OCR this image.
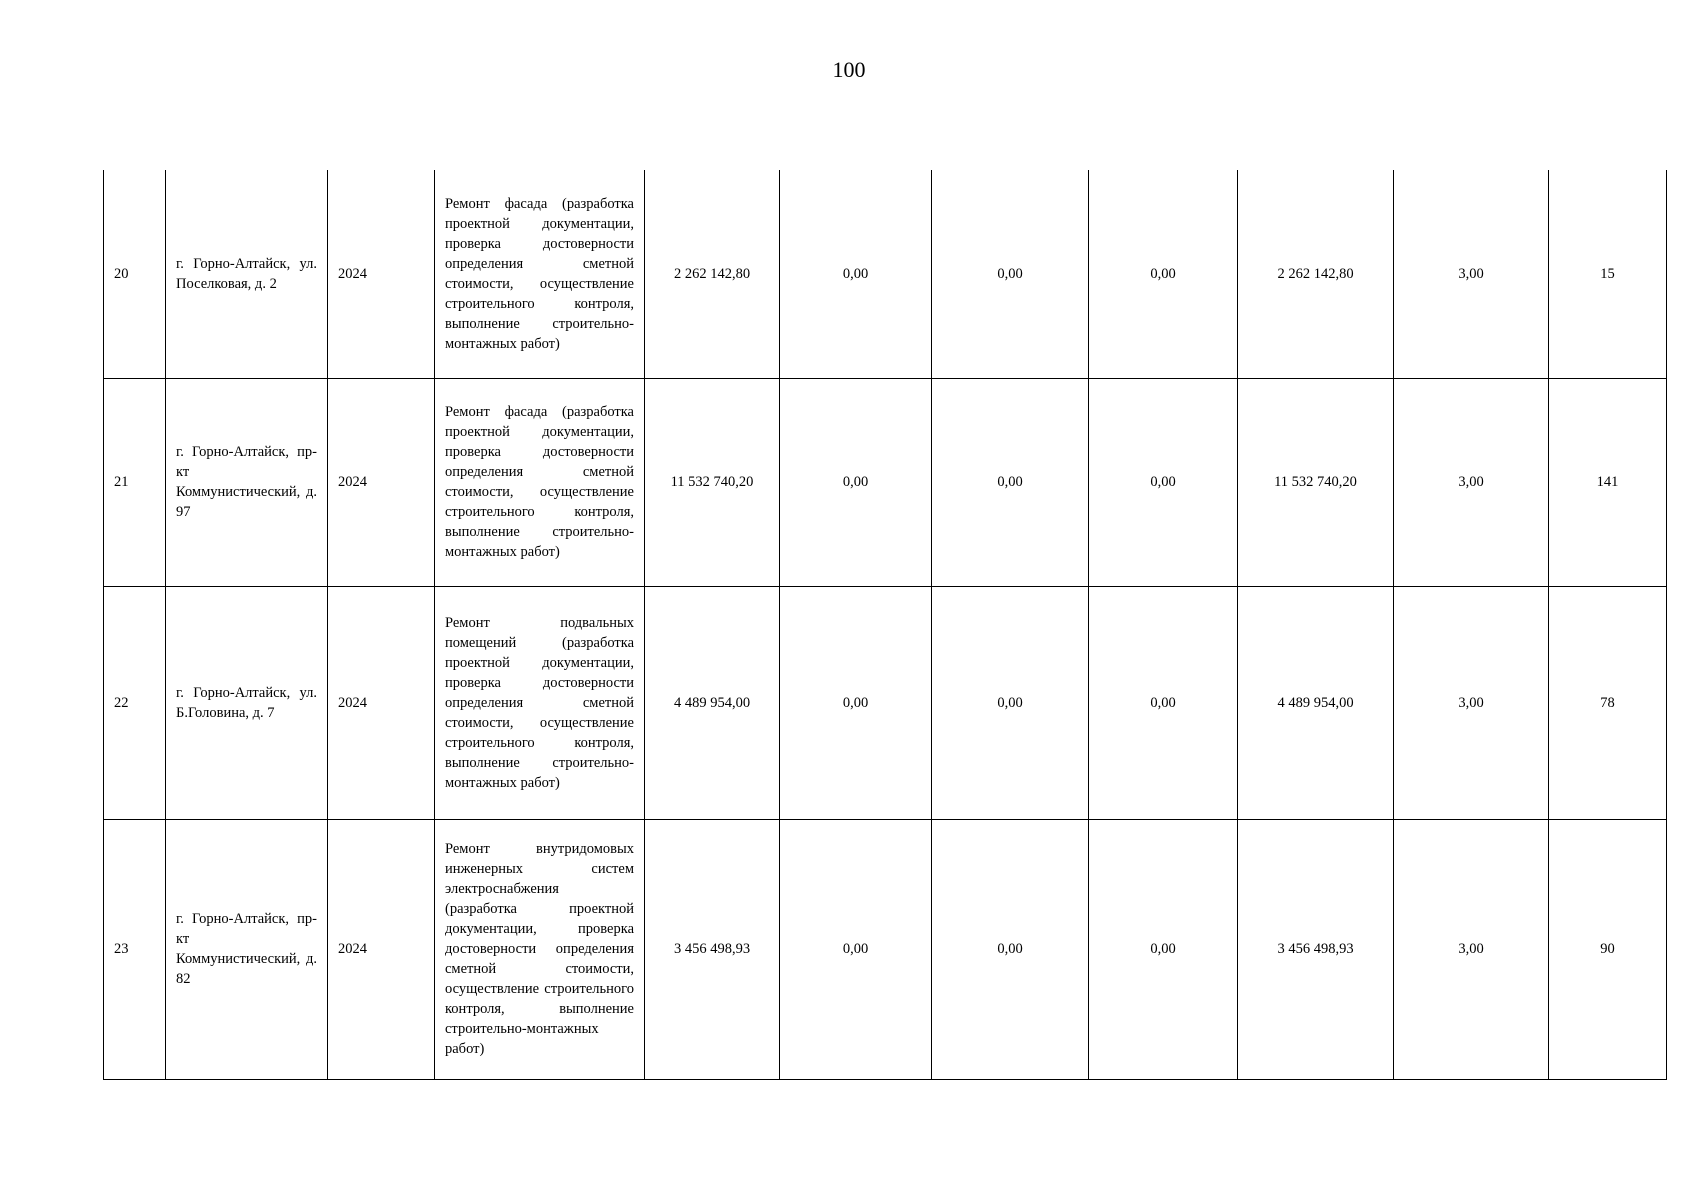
100
20	г. Горно-Алтайск, ул. Поселковая, д. 2	2024	Ремонт фасада (разработка проектной документации, проверка достоверности определения сметной стоимости, осуществление строительного контроля, выполнение строительно-монтажных работ)	2 262 142,80	0,00	0,00	0,00	2 262 142,80	3,00	15
21	г. Горно-Алтайск, пр-кт Коммунистический, д. 97	2024	Ремонт фасада (разработка проектной документации, проверка достоверности определения сметной стоимости, осуществление строительного контроля, выполнение строительно-монтажных работ)	11 532 740,20	0,00	0,00	0,00	11 532 740,20	3,00	141
22	г. Горно-Алтайск, ул. Б.Головина, д. 7	2024	Ремонт подвальных помещений (разработка проектной документации, проверка достоверности определения сметной стоимости, осуществление строительного контроля, выполнение строительно-монтажных работ)	4 489 954,00	0,00	0,00	0,00	4 489 954,00	3,00	78
23	г. Горно-Алтайск, пр-кт Коммунистический, д. 82	2024	Ремонт внутридомовых инженерных систем электроснабжения (разработка проектной документации, проверка достоверности определения сметной стоимости, осуществление строительного контроля, выполнение строительно-монтажных работ)	3 456 498,93	0,00	0,00	0,00	3 456 498,93	3,00	90
